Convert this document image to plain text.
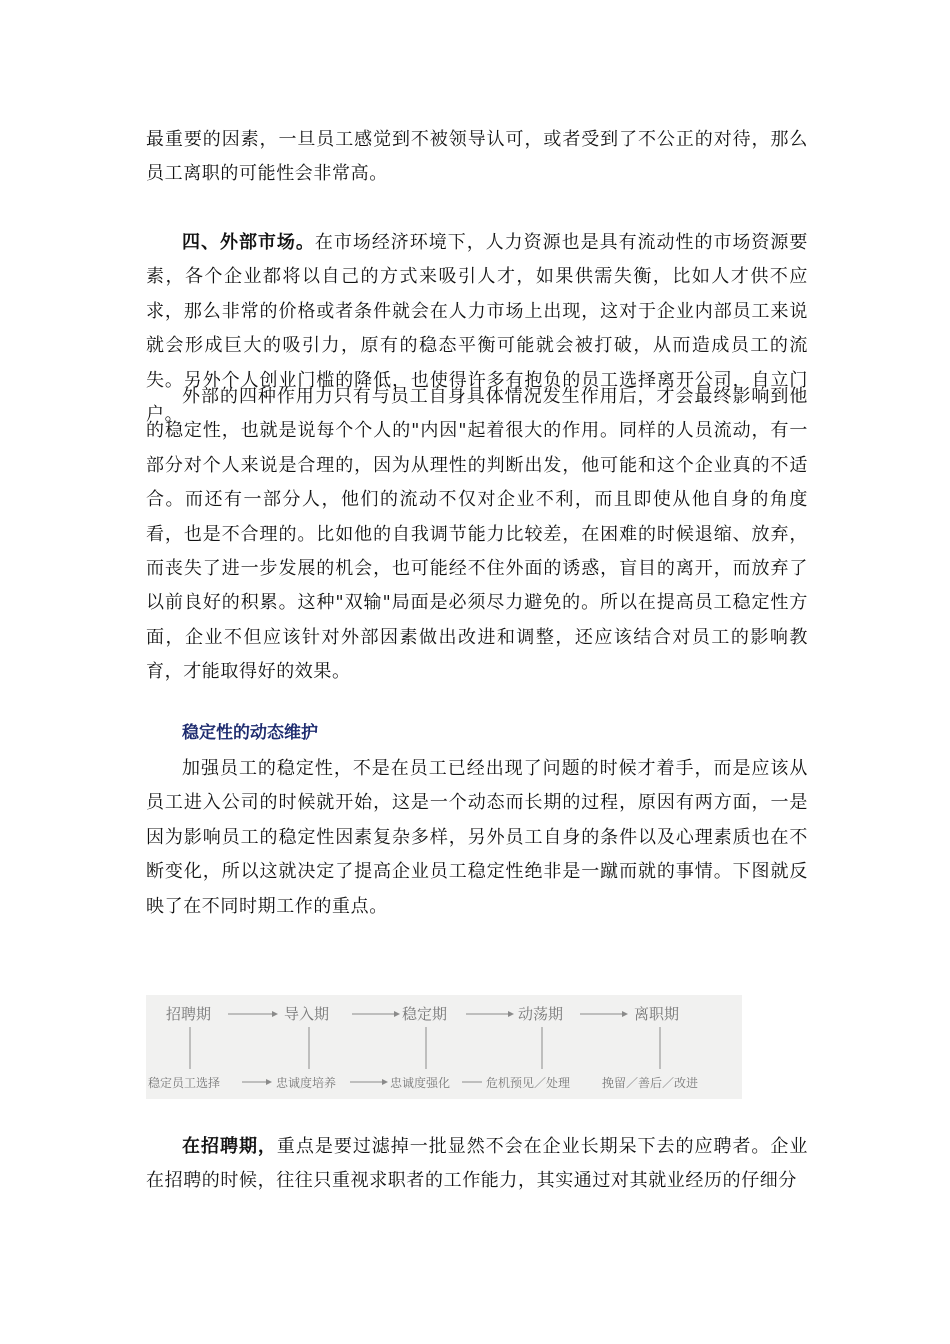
最重要的因素，一旦员工感觉到不被领导认可，或者受到了不公正的对待，那么员工离职的可能性会非常高。

四、外部市场。在市场经济环境下，人力资源也是具有流动性的市场资源要素，各个企业都将以自己的方式来吸引人才，如果供需失衡，比如人才供不应求，那么非常的价格或者条件就会在人力市场上出现，这对于企业内部员工来说就会形成巨大的吸引力，原有的稳态平衡可能就会被打破，从而造成员工的流失。另外个人创业门槛的降低，也使得许多有抱负的员工选择离开公司，自立门户。

外部的四种作用力只有与员工自身具体情况发生作用后，才会最终影响到他的稳定性，也就是说每个个人的"内因"起着很大的作用。同样的人员流动，有一部分对个人来说是合理的，因为从理性的判断出发，他可能和这个企业真的不适合。而还有一部分人，他们的流动不仅对企业不利，而且即使从他自身的角度看，也是不合理的。比如他的自我调节能力比较差，在困难的时候退缩、放弃，而丧失了进一步发展的机会，也可能经不住外面的诱惑，盲目的离开，而放弃了以前良好的积累。这种"双输"局面是必须尽力避免的。所以在提高员工稳定性方面，企业不但应该针对外部因素做出改进和调整，还应该结合对员工的影响教育，才能取得好的效果。

稳定性的动态维护

加强员工的稳定性，不是在员工已经出现了问题的时候才着手，而是应该从员工进入公司的时候就开始，这是一个动态而长期的过程，原因有两方面，一是因为影响员工的稳定性因素复杂多样，另外员工自身的条件以及心理素质也在不断变化，所以这就决定了提高企业员工稳定性绝非是一蹴而就的事情。下图就反映了在不同时期工作的重点。

招聘期	导入期	稳定期	动荡期	离职期
稳定员工选择	忠诚度培养	忠诚度强化	危机预见／处理	挽留／善后／改进

在招聘期，重点是要过滤掉一批显然不会在企业长期呆下去的应聘者。企业在招聘的时候，往往只重视求职者的工作能力，其实通过对其就业经历的仔细分
